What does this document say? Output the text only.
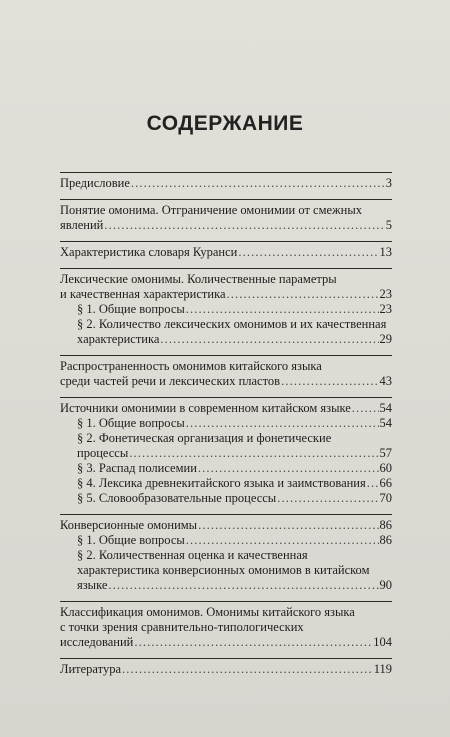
СОДЕРЖАНИЕ
Предисловие . . .	3
Понятие омонима. Отграничение омонимии от смежных
явлений . . .	5
Характеристика словаря Куранси . . .	13
Лексические омонимы. Количественные параметры
и качественная характеристика . . .	23
§ 1. Общие вопросы . . .	23
§ 2. Количество лексических омонимов и их качественная
характеристика . . .	29
Распространенность омонимов китайского языка
среди частей речи и лексических пластов . . .	43
Источники омонимии в современном китайском языке . . . 54
§ 1. Общие вопросы . . .	54
§ 2. Фонетическая организация и фонетические
процессы . . .	57
§ 3. Распад полисемии . . .	60
§ 4. Лексика древнекитайского языка и заимствования . . . 66
§ 5. Словообразовательные процессы . . .	70
Конверсионные омонимы . . .	86
§ 1. Общие вопросы . . .	86
§ 2. Количественная оценка и качественная
характеристика конверсионных омонимов в китайском
языке . . .	90
Классификация омонимов. Омонимы китайского языка
с точки зрения сравнительно-типологических
исследований . . .	104
Литература . . .	119
